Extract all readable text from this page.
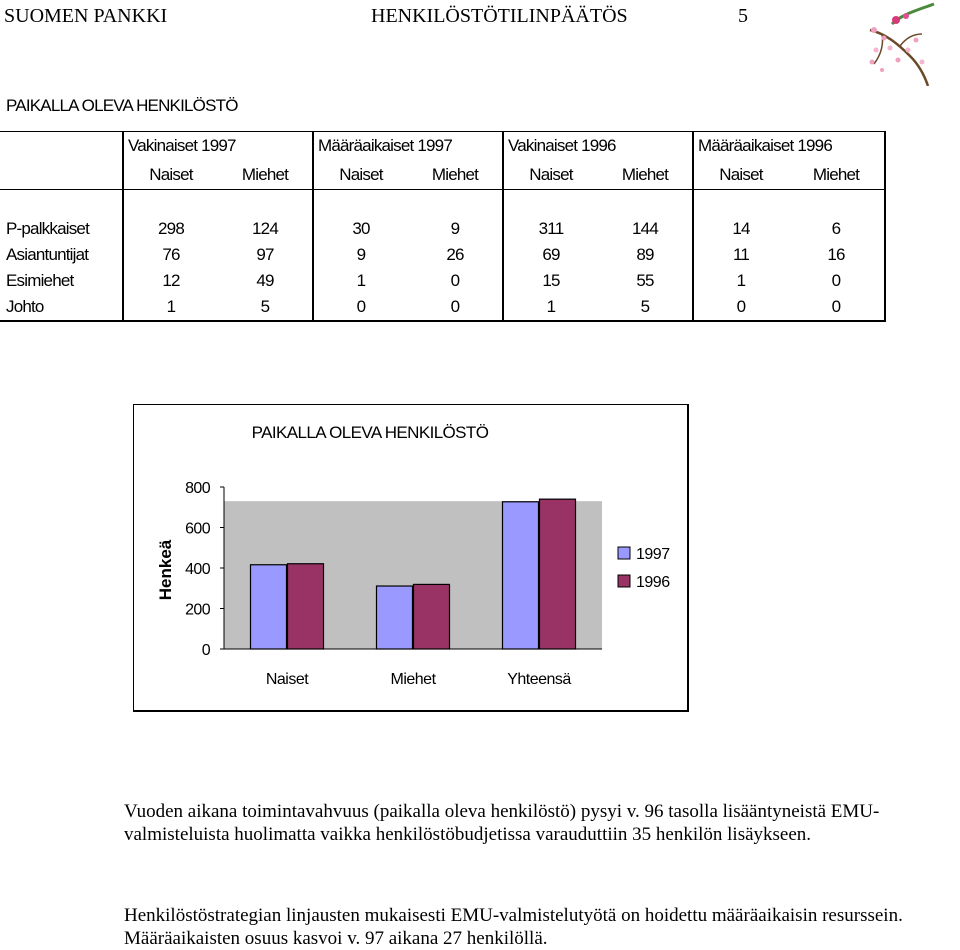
SUOMEN PANKKI	HENKILÖSTÖTILINPÄÄTÖS	5
PAIKALLA OLEVA HENKILÖSTÖ
	Vakinaiset 1997		Määräaikaiset 1997		Vakinaiset 1996		Määräaikaiset 1996	
	Naiset	Miehet	Naiset	Miehet	Naiset	Miehet	Naiset	Miehet

P-palkkaiset	298	124	30	9	311	144	14	6
Asiantuntijat	76	97	9	26	69	89	11	16
Esimiehet	12	49	1	0	15	55	1	0
Johto	1	5	0	0	1	5	0	0
PAIKALLA OLEVA HENKILÖSTÖ
0
200
400
600
800
Henkeä
Naiset	Miehet	Yhteensä
1997
1996

Vuoden aikana toimintavahvuus (paikalla oleva henkilöstö) pysyi v. 96 tasolla lisääntyneistä EMU-valmisteluista huolimatta vaikka henkilöstöbudjetissa varauduttiin 35 henkilön lisäykseen.

Henkilöstöstrategian linjausten mukaisesti EMU-valmistelutyötä on hoidettu määräaikaisin resurssein. Määräaikaisten osuus kasvoi v. 97 aikana 27 henkilöllä.
